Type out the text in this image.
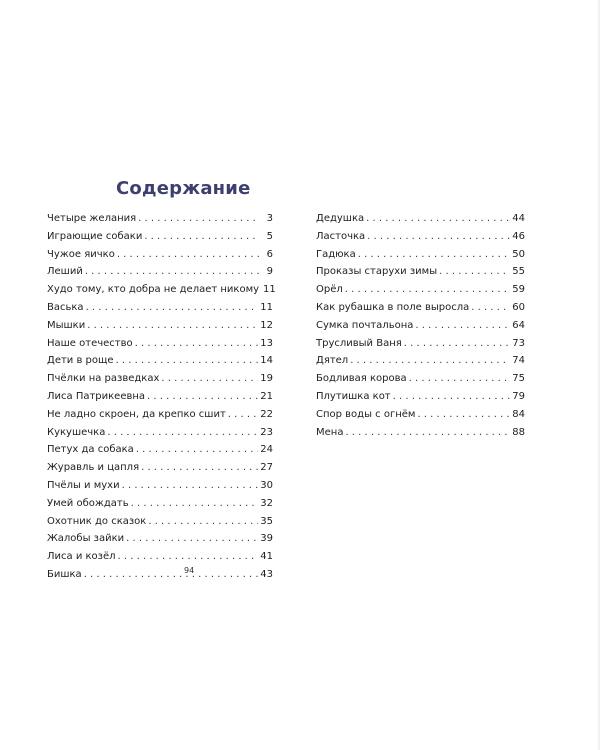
Содержание
Четыре желания . . .	3
Играющие собаки . . .	5
Чужое яичко . . .	6
Леший . . .	9
Худо тому, кто добра не делает никому 11
Васька . . .	11
Мышки . . .	12
Наше отечество . . .	13
Дети в роще . . .	14
Пчёлки на разведках . . .	19
Лиса Патрикеевна . . .	21
Не ладно скроен, да крепко сшит . . .	22
Кукушечка . . .	23
Петух да собака . . .	24
Журавль и цапля . . .	27
Пчёлы и мухи . . .	30
Умей обождать . . .	32
Охотник до сказок . . .	35
Жалобы зайки . . .	39
Лиса и козёл . . .	41
Бишка . . .	43
Дедушка . . .	44
Ласточка . . .	46
Гадюка . . .	50
Проказы старухи зимы . . .	55
Орёл . . .	59
Как рубашка в поле выросла . . .	60
Сумка почтальона . . .	64
Трусливый Ваня . . .	73
Дятел . . .	74
Бодливая корова . . .	75
Плутишка кот . . .	79
Спор воды с огнём . . .	84
Мена . . .	88
94
